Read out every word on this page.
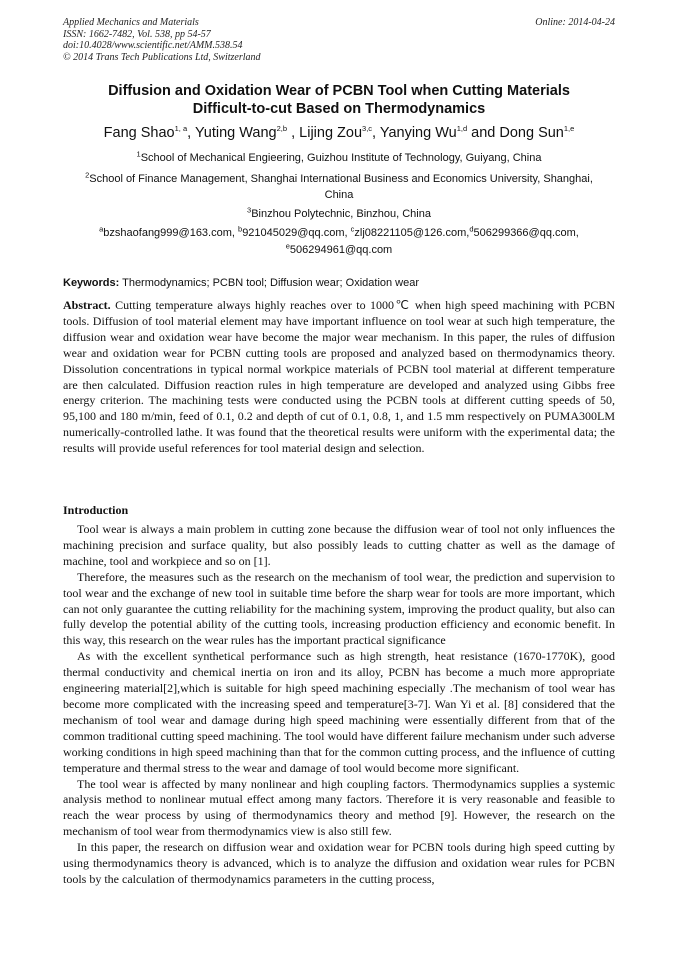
Applied Mechanics and Materials
ISSN: 1662-7482, Vol. 538, pp 54-57
doi:10.4028/www.scientific.net/AMM.538.54
© 2014 Trans Tech Publications Ltd, Switzerland
Online: 2014-04-24
Diffusion and Oxidation Wear of PCBN Tool when Cutting Materials
Difficult-to-cut Based on Thermodynamics
Fang Shao$^{1, a}$, Yuting Wang$^{2,b}$ , Lijing Zou$^{3,c}$, Yanying Wu$^{1,d}$ and Dong Sun$^{1,e}$
$^1$School of Mechanical Engieering, Guizhou Institute of Technology, Guiyang, China
$^2$School of Finance Management, Shanghai International Business and Economics University, Shanghai, China
$^3$Binzhou Polytechnic, Binzhou, China
$^a$bzshaofang999@163.com, $^b$921045029@qq.com, $^c$zlj08221105@126.com,$^d$506299366@qq.com,
$^e$506294961@qq.com
Keywords: Thermodynamics; PCBN tool; Diffusion wear; Oxidation wear
Abstract. Cutting temperature always highly reaches over to 1000℃ when high speed machining with PCBN tools. Diffusion of tool material element may have important influence on tool wear at such high temperature, the diffusion wear and oxidation wear have become the major wear mechanism. In this paper, the rules of diffusion wear and oxidation wear for PCBN cutting tools are proposed and analyzed based on thermodynamics theory. Dissolution concentrations in typical normal workpice materials of PCBN tool material at different temperature are then calculated. Diffusion reaction rules in high temperature are developed and analyzed using Gibbs free energy criterion. The machining tests were conducted using the PCBN tools at different cutting speeds of 50, 95,100 and 180 m/min, feed of 0.1, 0.2 and depth of cut of 0.1, 0.8, 1, and 1.5 mm respectively on PUMA300LM numerically-controlled lathe. It was found that the theoretical results were uniform with the experimental data; the results will provide useful references for tool material design and selection.
Introduction

Tool wear is always a main problem in cutting zone because the diffusion wear of tool not only influences the machining precision and surface quality, but also possibly leads to cutting chatter as well as the damage of machine, tool and workpiece and so on [1].

Therefore, the measures such as the research on the mechanism of tool wear, the prediction and supervision to tool wear and the exchange of new tool in suitable time before the sharp wear for tools are more important, which can not only guarantee the cutting reliability for the machining system, improving the product quality, but also can fully develop the potential ability of the cutting tools, increasing production efficiency and economic benefit. In this way, this research on the wear rules has the important practical significance

As with the excellent synthetical performance such as high strength, heat resistance (1670-1770K), good thermal conductivity and chemical inertia on iron and its alloy, PCBN has become a much more appropriate engineering material[2],which is suitable for high speed machining especially .The mechanism of tool wear has become more complicated with the increasing speed and temperature[3-7]. Wan Yi et al. [8] considered that the mechanism of tool wear and damage during high speed machining were essentially different from that of the common traditional cutting speed machining. The tool would have different failure mechanism under such adverse working conditions in high speed machining than that for the common cutting process, and the influence of cutting temperature and thermal stress to the wear and damage of tool would become more significant.

The tool wear is affected by many nonlinear and high coupling factors. Thermodynamics supplies a systemic analysis method to nonlinear mutual effect among many factors. Therefore it is very reasonable and feasible to reach the wear process by using of thermodynamics theory and method [9]. However, the research on the mechanism of tool wear from thermodynamics view is also still few.

In this paper, the research on diffusion wear and oxidation wear for PCBN tools during high speed cutting by using thermodynamics theory is advanced, which is to analyze the diffusion and oxidation wear rules for PCBN tools by the calculation of thermodynamics parameters in the cutting process,
